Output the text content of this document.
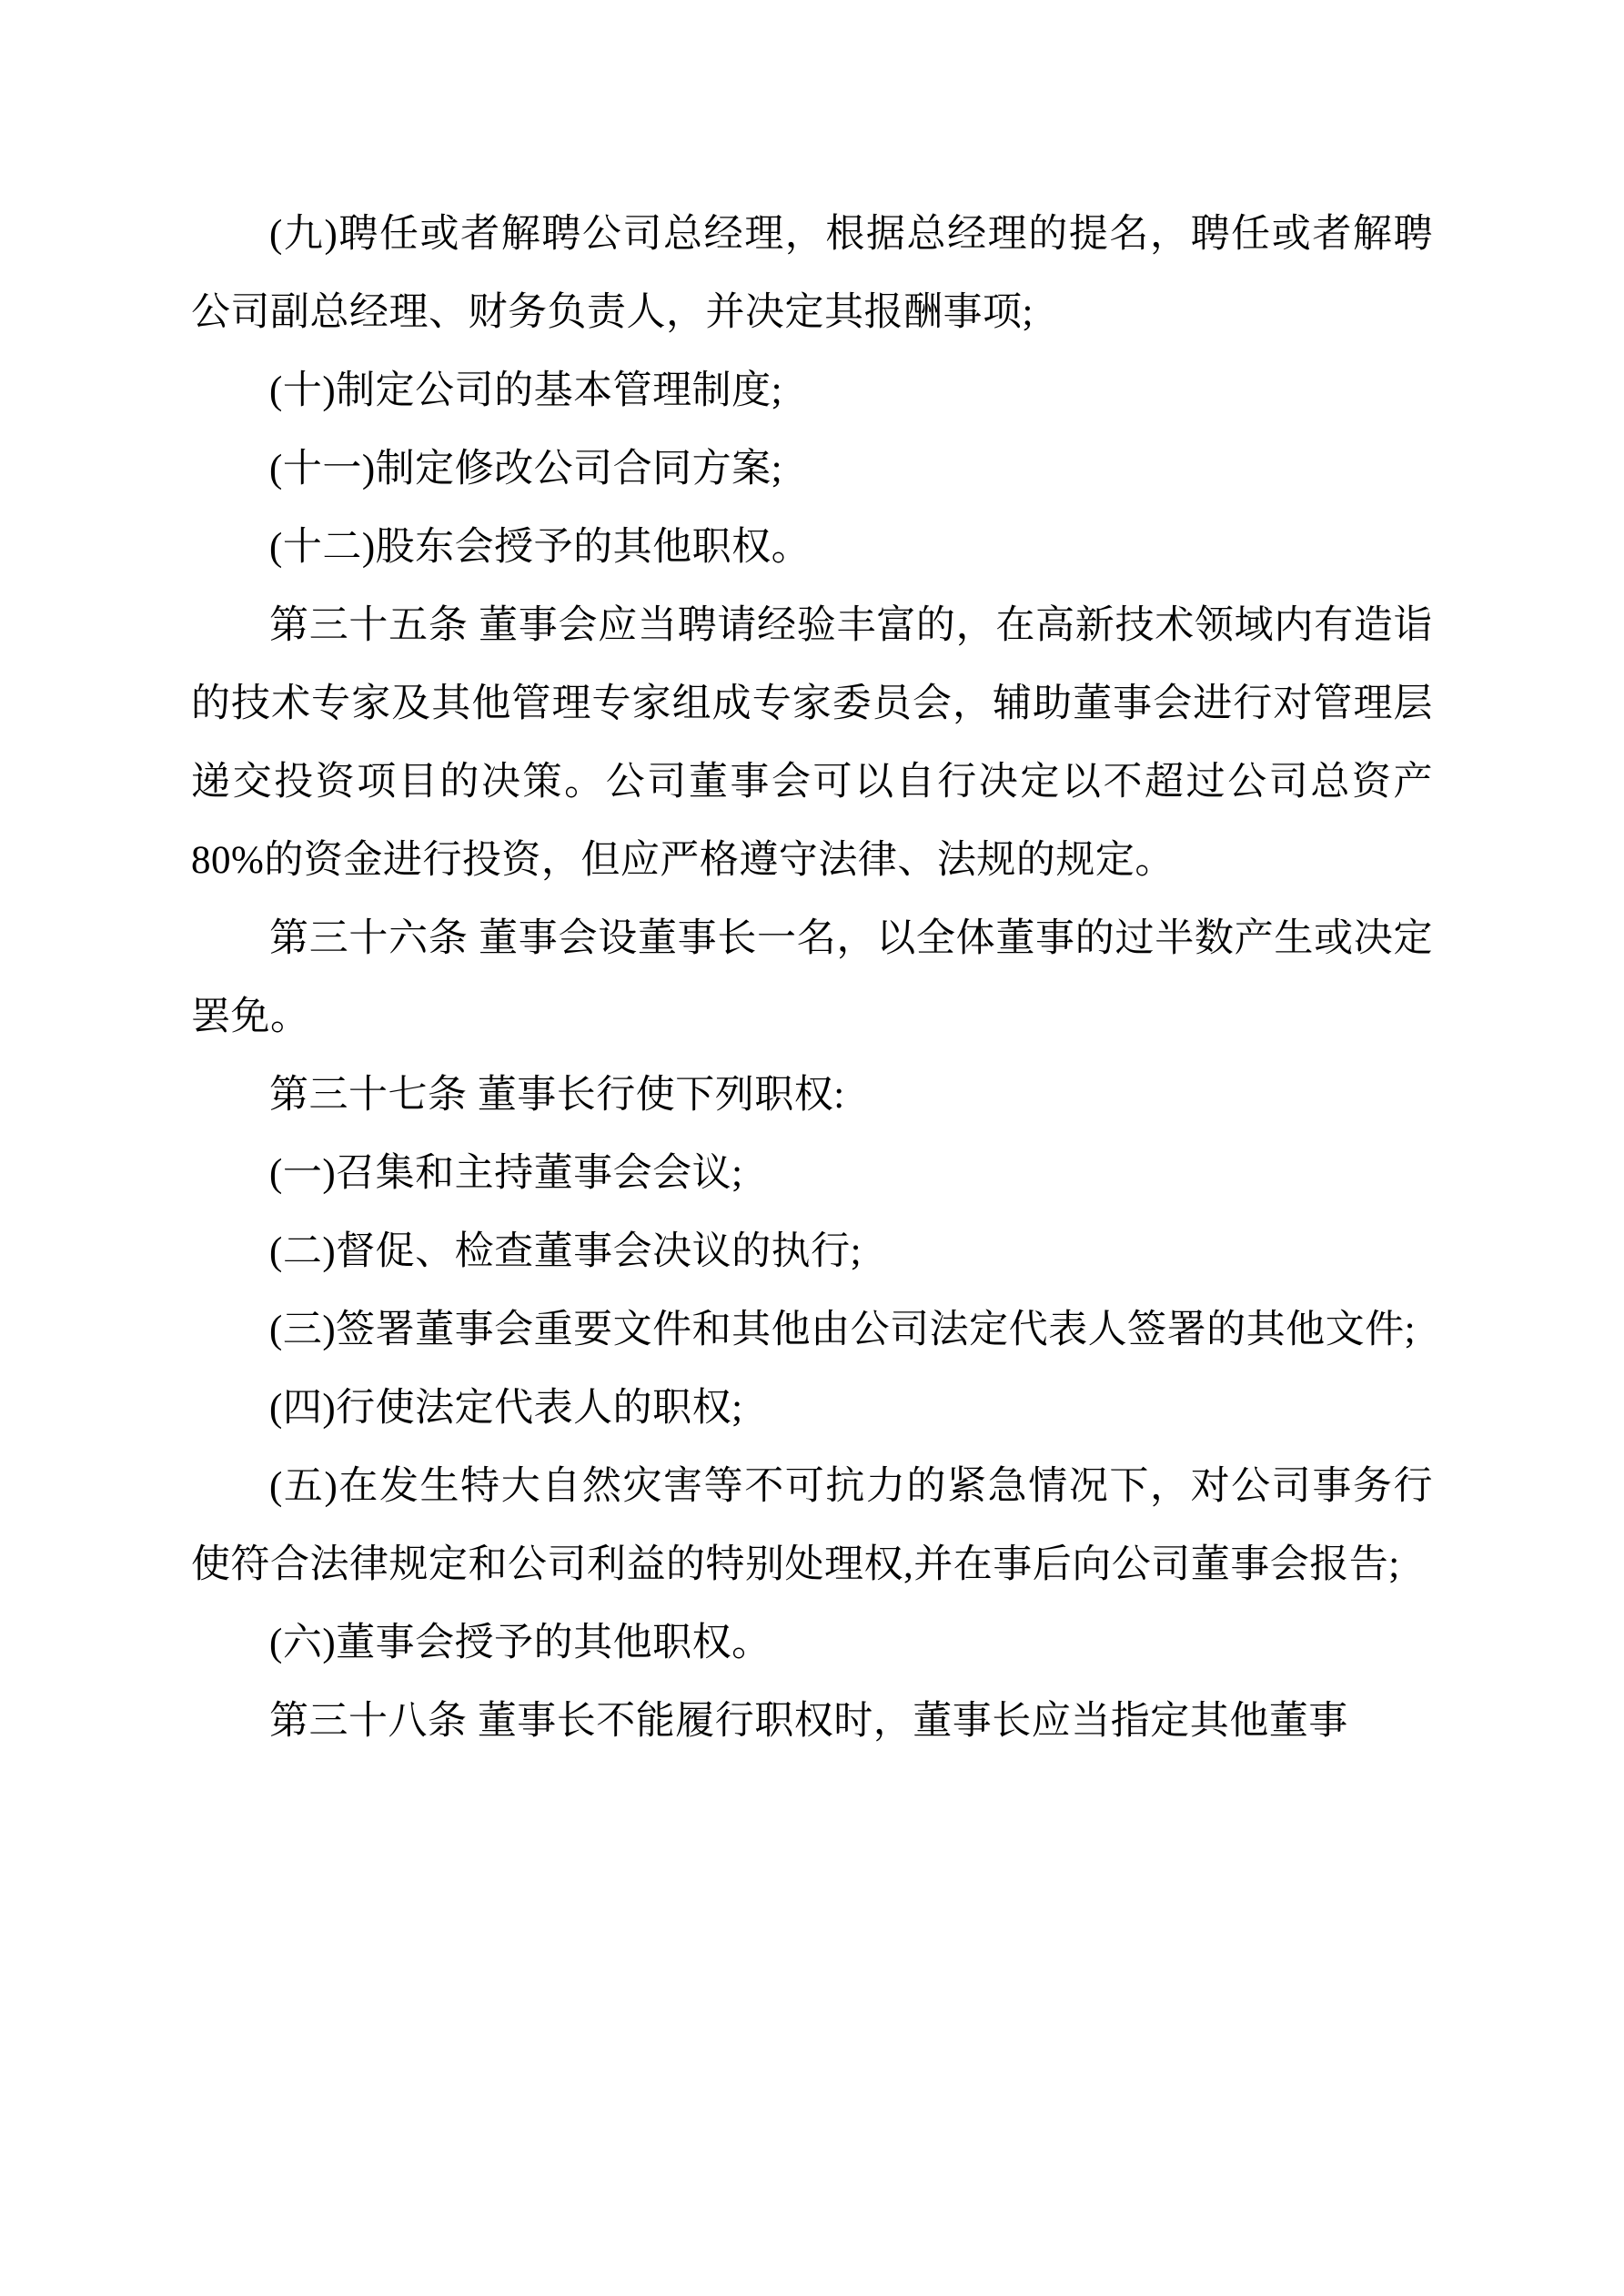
(九)聘任或者解聘公司总经理，根据总经理的提名，聘任或者解聘公司副总经理、财务负责人，并决定其报酬事项;

(十)制定公司的基本管理制度;

(十一)制定修改公司合同方案;

(十二)股东会授予的其他职权。

第三十五条 董事会应当聘请经验丰富的，在高新技术领域内有造诣的技术专家及其他管理专家组成专家委员会，辅助董事会进行对管理层递交投资项目的决策。公司董事会可以自行决定以不超过公司总资产 80%的资金进行投资，但应严格遵守法律、法规的规定。

第三十六条 董事会设董事长一名，以全体董事的过半数产生或决定罢免。

第三十七条 董事长行使下列职权:

(一)召集和主持董事会会议;

(二)督促、检查董事会决议的执行;

(三)签署董事会重要文件和其他由公司法定代表人签署的其他文件;

(四)行使法定代表人的职权;

(五)在发生特大自然灾害等不可抗力的紧急情况下，对公司事务行使符合法律规定和公司利益的特别处理权,并在事后向公司董事会报告;

(六)董事会授予的其他职权。

第三十八条 董事长不能履行职权时，董事长应当指定其他董事
